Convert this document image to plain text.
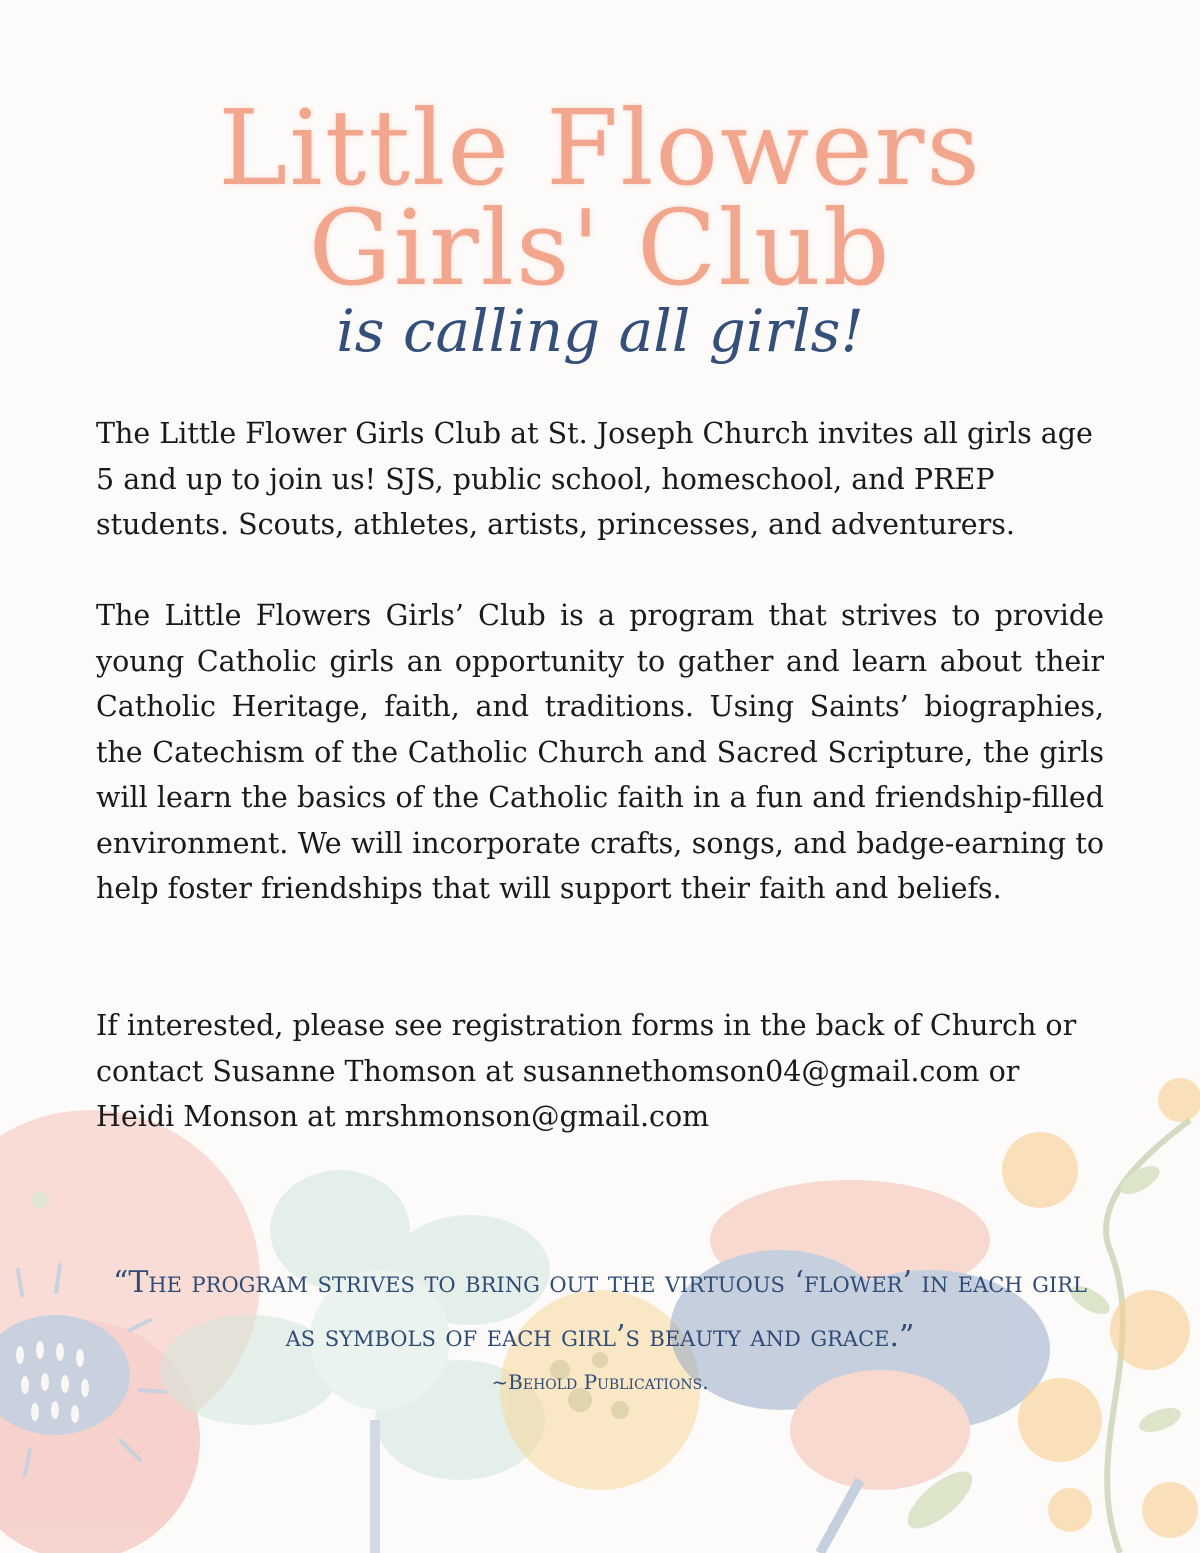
Little Flowers
Girls' Club

is calling all girls!

The Little Flower Girls Club at St. Joseph Church invites all girls age 5 and up to join us! SJS, public school, homeschool, and PREP students. Scouts, athletes, artists, princesses, and adventurers.

The Little Flowers Girls’ Club is a program that strives to provide young Catholic girls an opportunity to gather and learn about their Catholic Heritage, faith, and traditions. Using Saints’ biographies, the Catechism of the Catholic Church and Sacred Scripture, the girls will learn the basics of the Catholic faith in a fun and friendship-filled environment. We will incorporate crafts, songs, and badge-earning to help foster friendships that will support their faith and beliefs.

If interested, please see registration forms in the back of Church or contact Susanne Thomson at susannethomson04@gmail.com or Heidi Monson at mrshmonson@gmail.com

“The program strives to bring out the virtuous ‘flower’ in each girl

as symbols of each girl’s beauty and grace.”

~Behold Publications.
